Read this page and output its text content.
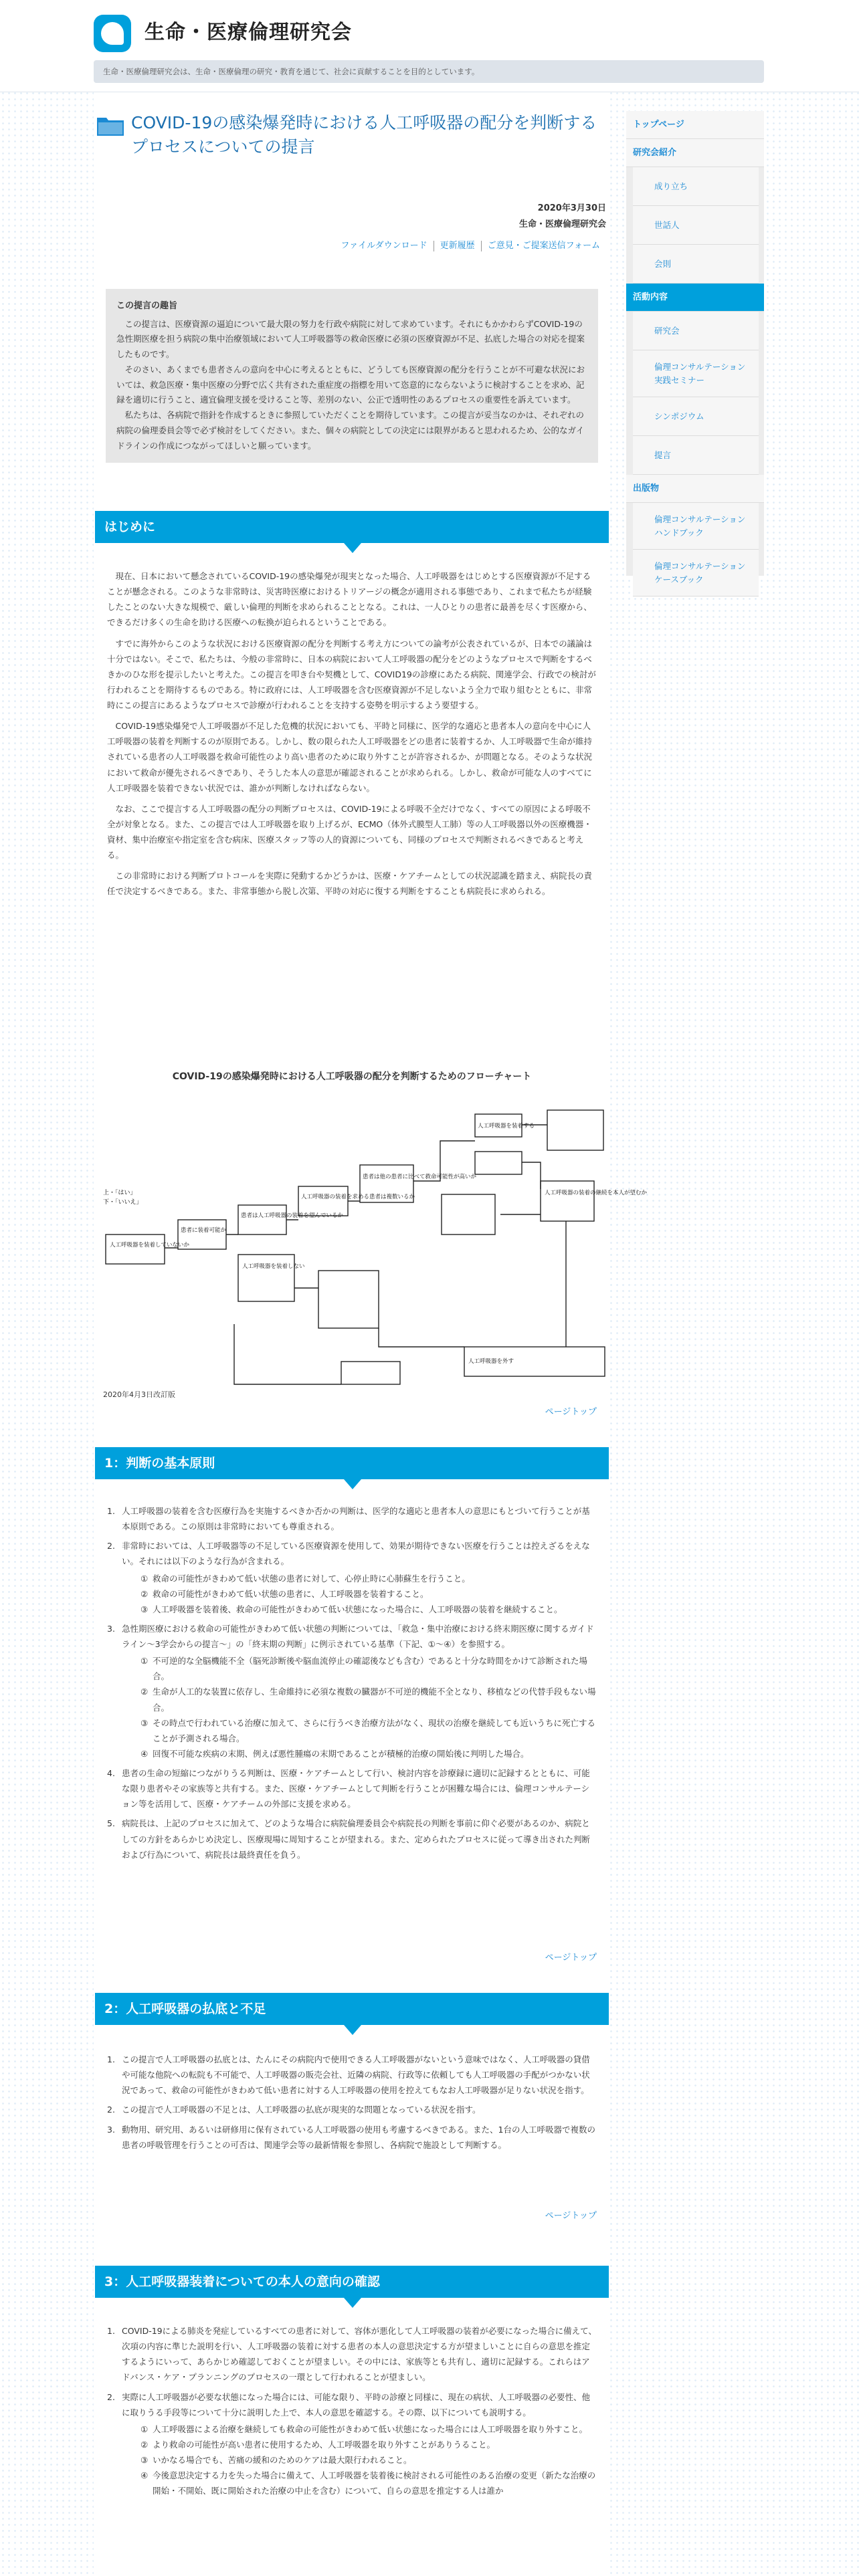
生命・医療倫理研究会
生命・医療倫理研究会は、生命・医療倫理の研究・教育を通じて、社会に貢献することを目的としています。
COVID-19の感染爆発時における人工呼吸器の配分を判断するプロセスについての提言
2020年3月30日
生命・医療倫理研究会
ファイルダウンロード	更新履歴	ご意見・ご提案送信フォーム
この提言の趣旨

この提言は、医療資源の逼迫について最大限の努力を行政や病院に対して求めています。それにもかかわらずCOVID-19の急性期医療を担う病院の集中治療領域において人工呼吸器等の救命医療に必須の医療資源が不足、払底した場合の対応を提案したものです。

そのさい、あくまでも患者さんの意向を中心に考えるとともに、どうしても医療資源の配分を行うことが不可避な状況においては、救急医療・集中医療の分野で広く共有された重症度の指標を用いて恣意的にならないように検討することを求め、記録を適切に行うこと、適宜倫理支援を受けること等、差別のない、公正で透明性のあるプロセスの重要性を訴えています。

私たちは、各病院で指針を作成するときに参照していただくことを期待しています。この提言が妥当なのかは、それぞれの病院の倫理委員会等で必ず検討をしてください。また、個々の病院としての決定には限界があると思われるため、公的なガイドラインの作成につながってほしいと願っています。

はじめに

現在、日本において懸念されているCOVID-19の感染爆発が現実となった場合、人工呼吸器をはじめとする医療資源が不足することが懸念される。このような非常時は、災害時医療におけるトリアージの概念が適用される事態であり、これまで私たちが経験したことのない大きな規模で、厳しい倫理的判断を求められることとなる。これは、一人ひとりの患者に最善を尽くす医療から、できるだけ多くの生命を助ける医療への転換が迫られるということである。

すでに海外からこのような状況における医療資源の配分を判断する考え方についての論考が公表されているが、日本での議論は十分ではない。そこで、私たちは、今般の非常時に、日本の病院において人工呼吸器の配分をどのようなプロセスで判断をするべきかのひな形を提示したいと考えた。この提言を叩き台や契機として、COVID19の診療にあたる病院、関連学会、行政での検討が行われることを期待するものである。特に政府には、人工呼吸器を含む医療資源が不足しないよう全力で取り組むとともに、非常時にこの提言にあるようなプロセスで診療が行われることを支持する姿勢を明示するよう要望する。

COVID-19感染爆発で人工呼吸器が不足した危機的状況においても、平時と同様に、医学的な適応と患者本人の意向を中心に人工呼吸器の装着を判断するのが原則である。しかし、数の限られた人工呼吸器をどの患者に装着するか、人工呼吸器で生命が維持されている患者の人工呼吸器を救命可能性のより高い患者のために取り外すことが許容されるか、が問題となる。そのような状況において救命が優先されるべきであり、そうした本人の意思が確認されることが求められる。しかし、救命が可能な人のすべてに人工呼吸器を装着できない状況では、誰かが判断しなければならない。

なお、ここで提言する人工呼吸器の配分の判断プロセスは、COVID-19による呼吸不全だけでなく、すべての原因による呼吸不全が対象となる。また、この提言では人工呼吸器を取り上げるが、ECMO（体外式膜型人工肺）等の人工呼吸器以外の医療機器・資材、集中治療室や指定室を含む病床、医療スタッフ等の人的資源についても、同様のプロセスで判断されるべきであると考える。

この非常時における判断プロトコールを実際に発動するかどうかは、医療・ケアチームとしての状況認識を踏まえ、病院長の責任で決定するべきである。また、非常事態から脱し次第、平時の対応に復する判断をすることも病院長に求められる。

COVID-19の感染爆発時における人工呼吸器の配分を判断するためのフローチャート
上・「はい」
下・「いいえ」
人工呼吸器を装着していないか
患者に装着可能か
患者は人工呼吸器の装着を望んでいるか
人工呼吸器の装着を求める患者は複数いるか
患者は他の患者に比べて救命可能性が高いか
人工呼吸器を装着する
人工呼吸器を装着しない
人工呼吸器の装着の継続を本人が望むか
人工呼吸器を外す
2020年4月3日改訂版
ページトップ
1：判断の基本原則
1. 人工呼吸器の装着を含む医療行為を実施するべきか否かの判断は、医学的な適応と患者本人の意思にもとづいて行うことが基本原則である。この原則は非常時においても尊重される。
2. 非常時においては、人工呼吸器等の不足している医療資源を使用して、効果が期待できない医療を行うことは控えざるをえない。それには以下のような行為が含まれる。
① 救命の可能性がきわめて低い状態の患者に対して、心停止時に心肺蘇生を行うこと。
② 救命の可能性がきわめて低い状態の患者に、人工呼吸器を装着すること。
③ 人工呼吸器を装着後、救命の可能性がきわめて低い状態になった場合に、人工呼吸器の装着を継続すること。
3. 急性期医療における救命の可能性がきわめて低い状態の判断については、「救急・集中治療における終末期医療に関するガイドライン〜3学会からの提言〜」の「終末期の判断」に例示されている基準（下記、①〜④）を参照する。
① 不可逆的な全脳機能不全（脳死診断後や脳血流停止の確認後なども含む）であると十分な時間をかけて診断された場合。
② 生命が人工的な装置に依存し、生命維持に必須な複数の臓器が不可逆的機能不全となり、移植などの代替手段もない場合。
③ その時点で行われている治療に加えて、さらに行うべき治療方法がなく、現状の治療を継続しても近いうちに死亡することが予測される場合。
④ 回復不可能な疾病の末期、例えば悪性腫瘍の末期であることが積極的治療の開始後に判明した場合。
4. 患者の生命の短縮につながりうる判断は、医療・ケアチームとして行い、検討内容を診療録に適切に記録するとともに、可能な限り患者やその家族等と共有する。また、医療・ケアチームとして判断を行うことが困難な場合には、倫理コンサルテーション等を活用して、医療・ケアチームの外部に支援を求める。
5. 病院長は、上記のプロセスに加えて、どのような場合に病院倫理委員会や病院長の判断を事前に仰ぐ必要があるのか、病院としての方針をあらかじめ決定し、医療現場に周知することが望まれる。また、定められたプロセスに従って導き出された判断および行為について、病院長は最終責任を負う。
ページトップ
2：人工呼吸器の払底と不足
1. この提言で人工呼吸器の払底とは、たんにその病院内で使用できる人工呼吸器がないという意味ではなく、人工呼吸器の貸借や可能な他院への転院も不可能で、人工呼吸器の販売会社、近隣の病院、行政等に依頼しても人工呼吸器の手配がつかない状況であって、救命の可能性がきわめて低い患者に対する人工呼吸器の使用を控えてもなお人工呼吸器が足りない状況を指す。
2. この提言で人工呼吸器の不足とは、人工呼吸器の払底が現実的な問題となっている状況を指す。
3. 動物用、研究用、あるいは研修用に保有されている人工呼吸器の使用も考慮するべきである。また、1台の人工呼吸器で複数の患者の呼吸管理を行うことの可否は、関連学会等の最新情報を参照し、各病院で施設として判断する。
ページトップ
3：人工呼吸器装着についての本人の意向の確認
1. COVID-19による肺炎を発症しているすべての患者に対して、容体が悪化して人工呼吸器の装着が必要になった場合に備えて、次項の内容に準じた説明を行い、人工呼吸器の装着に対する患者の本人の意思決定する方が望ましいことに自らの意思を推定するようにいって、あらかじめ確認しておくことが望ましい。その中には、家族等とも共有し、適切に記録する。これらはアドバンス・ケア・プランニングのプロセスの一環として行われることが望ましい。
2. 実際に人工呼吸器が必要な状態になった場合には、可能な限り、平時の診療と同様に、現在の病状、人工呼吸器の必要性、他に取りうる手段等について十分に説明した上で、本人の意思を確認する。その際、以下についても説明する。
① 人工呼吸器による治療を継続しても救命の可能性がきわめて低い状態になった場合には人工呼吸器を取り外すこと。
② より救命の可能性が高い患者に使用するため、人工呼吸器を取り外すことがありうること。
③ いかなる場合でも、苦痛の緩和のためのケアは最大限行われること。
④ 今後意思決定する力を失った場合に備えて、人工呼吸器を装着後に検討される可能性のある治療の変更（新たな治療の開始・不開始、既に開始された治療の中止を含む）について、自らの意思を推定する人は誰か
トップページ
研究会紹介
成り立ち
世話人
会則
活動内容
研究会
倫理コンサルテーション実践セミナー
シンポジウム
提言
出版物
倫理コンサルテーションハンドブック
倫理コンサルテーションケースブック
